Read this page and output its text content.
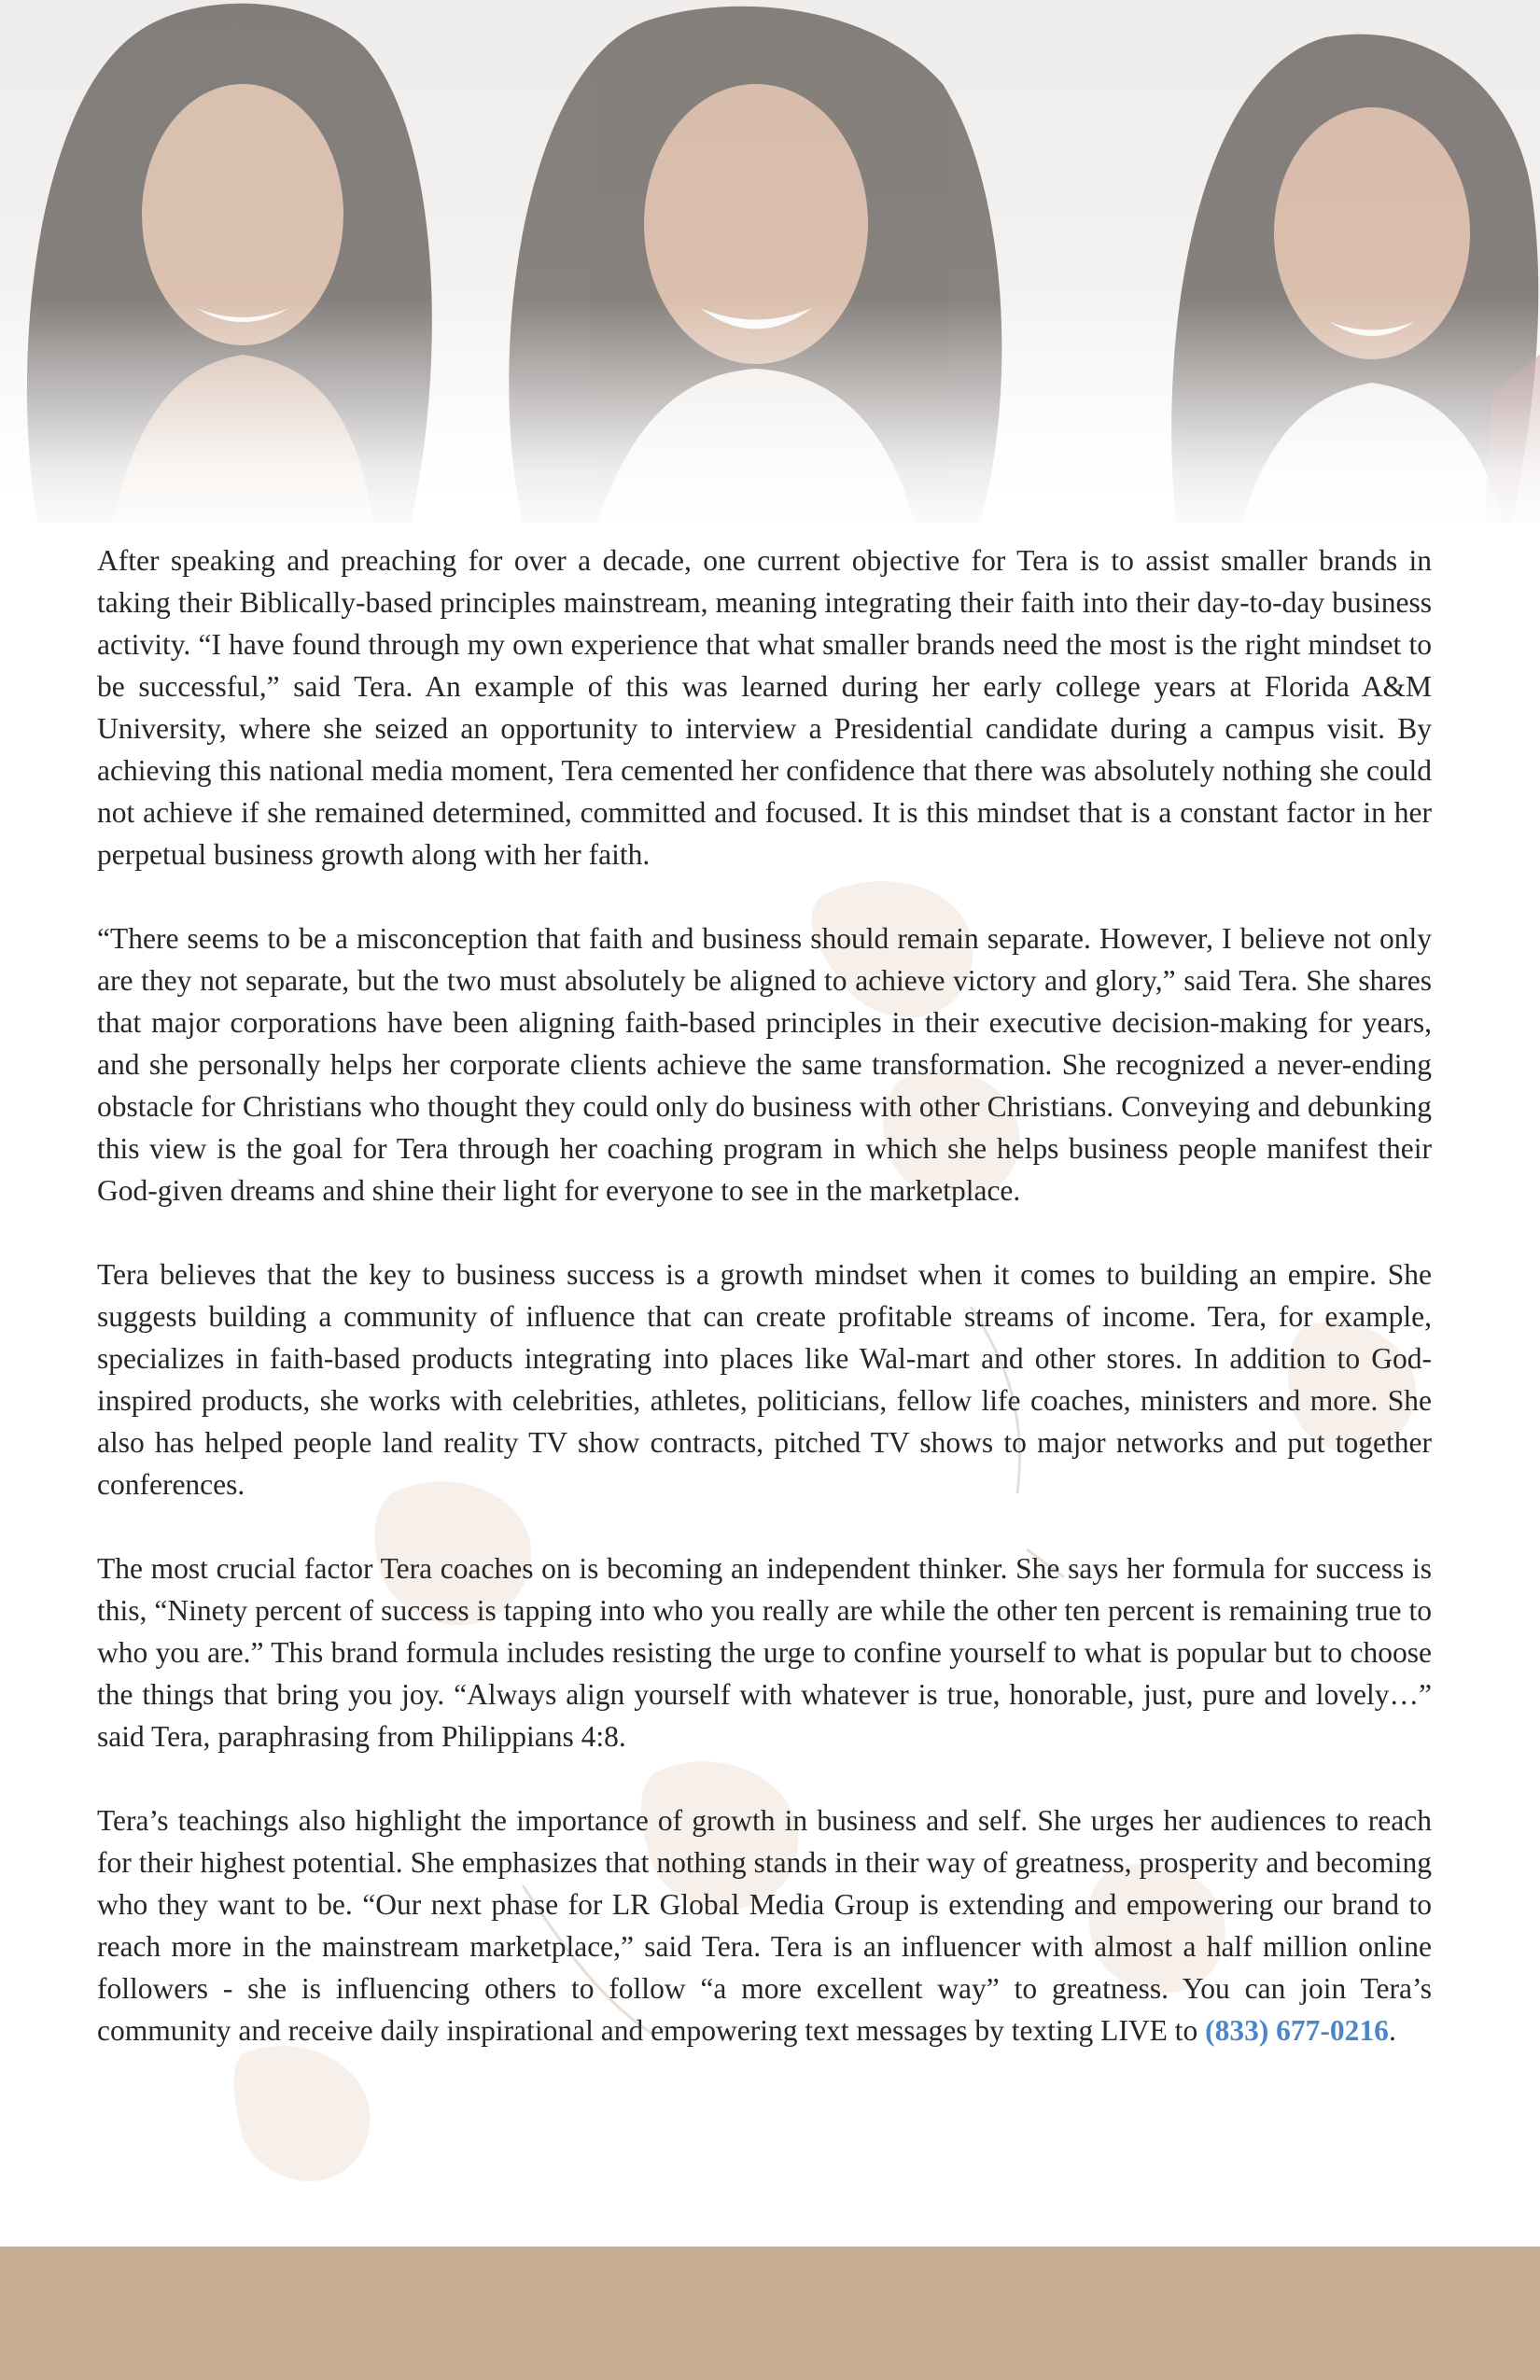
After speaking and preaching for over a decade, one current objective for Tera is to assist smaller brands in taking their Biblically-based principles mainstream, meaning integrating their faith into their day-to-day business activity. “I have found through my own experience that what smaller brands need the most is the right mindset to be successful,” said Tera. An example of this was learned during her early college years at Florida A&M University, where she seized an opportunity to interview a Presidential candidate during a campus visit. By achieving this national media moment, Tera cemented her confidence that there was absolutely nothing she could not achieve if she remained determined, committed and focused. It is this mindset that is a constant factor in her perpetual business growth along with her faith.

“There seems to be a misconception that faith and business should remain separate. However, I believe not only are they not separate, but the two must absolutely be aligned to achieve victory and glory,” said Tera. She shares that major corporations have been aligning faith-based principles in their executive decision-making for years, and she personally helps her corporate clients achieve the same transformation. She recognized a never-ending obstacle for Christians who thought they could only do business with other Christians. Conveying and debunking this view is the goal for Tera through her coaching program in which she helps business people manifest their God-given dreams and shine their light for everyone to see in the marketplace.

Tera believes that the key to business success is a growth mindset when it comes to building an empire. She suggests building a community of influence that can create profitable streams of income. Tera, for example, specializes in faith-based products integrating into places like Wal-mart and other stores. In addition to God-inspired products, she works with celebrities, athletes, politicians, fellow life coaches, ministers and more. She also has helped people land reality TV show contracts, pitched TV shows to major networks and put together conferences.

The most crucial factor Tera coaches on is becoming an independent thinker. She says her formula for success is this, “Ninety percent of success is tapping into who you really are while the other ten percent is remaining true to who you are.” This brand formula includes resisting the urge to confine yourself to what is popular but to choose the things that bring you joy. “Always align yourself with whatever is true, honorable, just, pure and lovely…” said Tera, paraphrasing from Philippians 4:8.

Tera’s teachings also highlight the importance of growth in business and self. She urges her audiences to reach for their highest potential. She emphasizes that nothing stands in their way of greatness, prosperity and becoming who they want to be. “Our next phase for LR Global Media Group is extending and empowering our brand to reach more in the mainstream marketplace,” said Tera. Tera is an influencer with almost a half million online followers - she is influencing others to follow “a more excellent way” to greatness. You can join Tera’s community and receive daily inspirational and empowering text messages by texting LIVE to (833) 677-0216.
